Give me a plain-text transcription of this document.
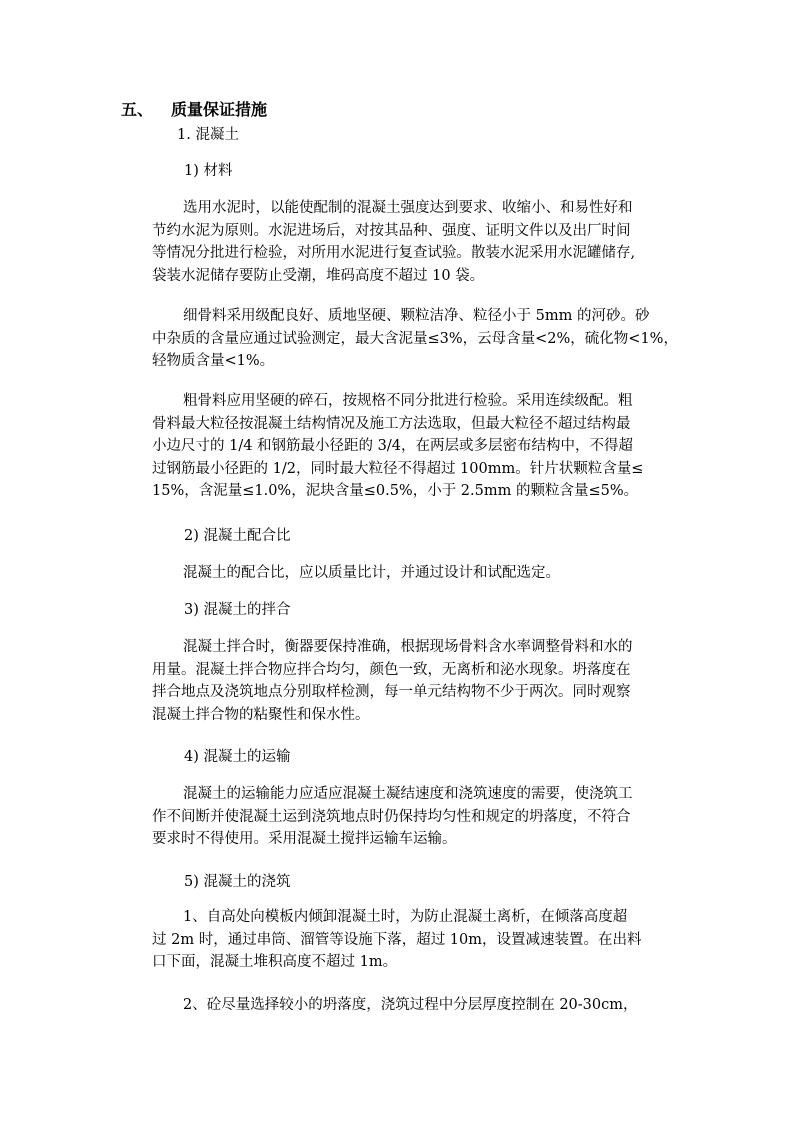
五、 质量保证措施
1. 混凝土
1) 材料
选用水泥时，以能使配制的混凝土强度达到要求、收缩小、和易性好和
节约水泥为原则。水泥进场后，对按其品种、强度、证明文件以及出厂时间
等情况分批进行检验，对所用水泥进行复查试验。散装水泥采用水泥罐储存,
袋装水泥储存要防止受潮，堆码高度不超过 10 袋。
细骨料采用级配良好、质地坚硬、颗粒洁净、粒径小于 5mm 的河砂。砂
中杂质的含量应通过试验测定，最大含泥量≤3%，云母含量<2%，硫化物<1%，
轻物质含量<1%。
粗骨料应用坚硬的碎石，按规格不同分批进行检验。采用连续级配。粗
骨料最大粒径按混凝土结构情况及施工方法选取，但最大粒径不超过结构最
小边尺寸的 1/4 和钢筋最小径距的 3/4，在两层或多层密布结构中，不得超
过钢筋最小径距的 1/2，同时最大粒径不得超过 100mm。针片状颗粒含量≤
15%，含泥量≤1.0%，泥块含量≤0.5%，小于 2.5mm 的颗粒含量≤5%。
2) 混凝土配合比
混凝土的配合比，应以质量比计，并通过设计和试配选定。
3) 混凝土的拌合
混凝土拌合时，衡器要保持准确，根据现场骨料含水率调整骨料和水的
用量。混凝土拌合物应拌合均匀，颜色一致，无离析和泌水现象。坍落度在
拌合地点及浇筑地点分别取样检测，每一单元结构物不少于两次。同时观察
混凝土拌合物的粘聚性和保水性。
4) 混凝土的运输
混凝土的运输能力应适应混凝土凝结速度和浇筑速度的需要，使浇筑工
作不间断并使混凝土运到浇筑地点时仍保持均匀性和规定的坍落度，不符合
要求时不得使用。采用混凝土搅拌运输车运输。
5) 混凝土的浇筑
1、自高处向模板内倾卸混凝土时，为防止混凝土离析，在倾落高度超
过 2m 时，通过串筒、溜管等设施下落，超过 10m，设置减速装置。在出料
口下面，混凝土堆积高度不超过 1m。
2、砼尽量选择较小的坍落度，浇筑过程中分层厚度控制在 20-30cm，
